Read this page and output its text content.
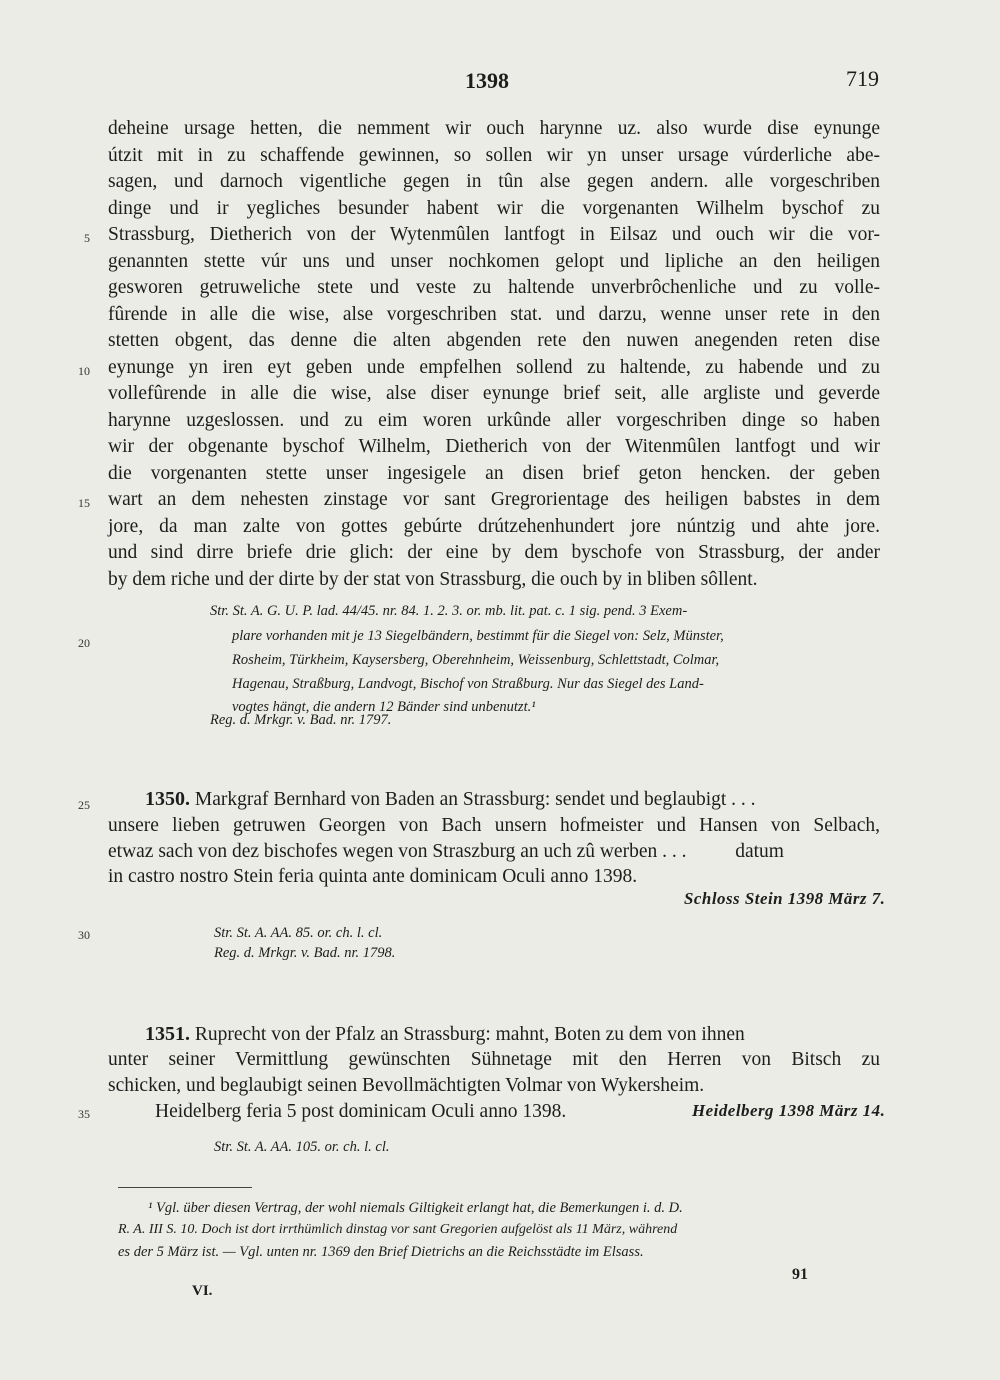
1398	719
deheine ursage hetten, die nemment wir ouch harynne uz. also wurde dise eynunge
útzit mit in zu schaffende gewinnen, so sollen wir yn unser ursage vúrderliche abe-
sagen, und darnoch vigentliche gegen in tûn alse gegen andern. alle vorgeschriben
dinge und ir yegliches besunder habent wir die vorgenanten Wilhelm byschof zu
Strassburg, Dietherich von der Wytenmûlen lantfogt in Eilsaz und ouch wir die vor-
genannten stette vúr uns und unser nochkomen gelopt und lipliche an den heiligen
gesworen getruweliche stete und veste zu haltende unverbrôchenliche und zu volle-
fûrende in alle die wise, alse vorgeschriben stat. und darzu, wenne unser rete in den
stetten obgent, das denne die alten abgenden rete den nuwen anegenden reten dise
eynunge yn iren eyt geben unde empfelhen sollend zu haltende, zu habende und zu
vollefûrende in alle die wise, alse diser eynunge brief seit, alle argliste und geverde
harynne uzgeslossen. und zu eim woren urkûnde aller vorgeschriben dinge so haben
wir der obgenante byschof Wilhelm, Dietherich von der Witenmûlen lantfogt und wir
die vorgenanten stette unser ingesigele an disen brief geton hencken. der geben
wart an dem nehesten zinstage vor sant Gregrorientage des heiligen babstes in dem
jore, da man zalte von gottes gebúrte drútzehenhundert jore núntzig und ahte jore.
und sind dirre briefe drie glich: der eine by dem byschofe von Strassburg, der ander
by dem riche und der dirte by der stat von Strassburg, die ouch by in bliben sôllent.
5
10
15
20
25
30
35
Str. St. A. G. U. P. lad. 44/45. nr. 84. 1. 2. 3. or. mb. lit. pat. c. 1 sig. pend. 3 Exem-
plare vorhanden mit je 13 Siegelbändern, bestimmt für die Siegel von: Selz, Münster,
Rosheim, Türkheim, Kaysersberg, Oberehnheim, Weissenburg, Schlettstadt, Colmar,
Hagenau, Straßburg, Landvogt, Bischof von Straßburg. Nur das Siegel des Land-
vogtes hängt, die andern 12 Bänder sind unbenutzt.¹
Reg. d. Mrkgr. v. Bad. nr. 1797.
1350. Markgraf Bernhard von Baden an Strassburg: sendet und beglaubigt . . .
unsere lieben getruwen Georgen von Bach unsern hofmeister und Hansen von Selbach,
etwaz sach von dez bischofes wegen von Straszburg an uch zû werben . . .          datum
in castro nostro Stein feria quinta ante dominicam Oculi anno 1398.
Schloss Stein 1398 März 7.
Str. St. A. AA. 85. or. ch. l. cl.
Reg. d. Mrkgr. v. Bad. nr. 1798.
1351. Ruprecht von der Pfalz an Strassburg: mahnt, Boten zu dem von ihnen
unter seiner Vermittlung gewünschten Sühnetage mit den Herren von Bitsch zu
schicken, und beglaubigt seinen Bevollmächtigten Volmar von Wykersheim.
Heidelberg feria 5 post dominicam Oculi anno 1398.	Heidelberg 1398 März 14.
Str. St. A. AA. 105. or. ch. l. cl.
¹ Vgl. über diesen Vertrag, der wohl niemals Giltigkeit erlangt hat, die Bemerkungen i. d. D.
R. A. III S. 10. Doch ist dort irrthümlich dinstag vor sant Gregorien aufgelöst als 11 März, während
es der 5 März ist. — Vgl. unten nr. 1369 den Brief Dietrichs an die Reichsstädte im Elsass.
VI.
91
